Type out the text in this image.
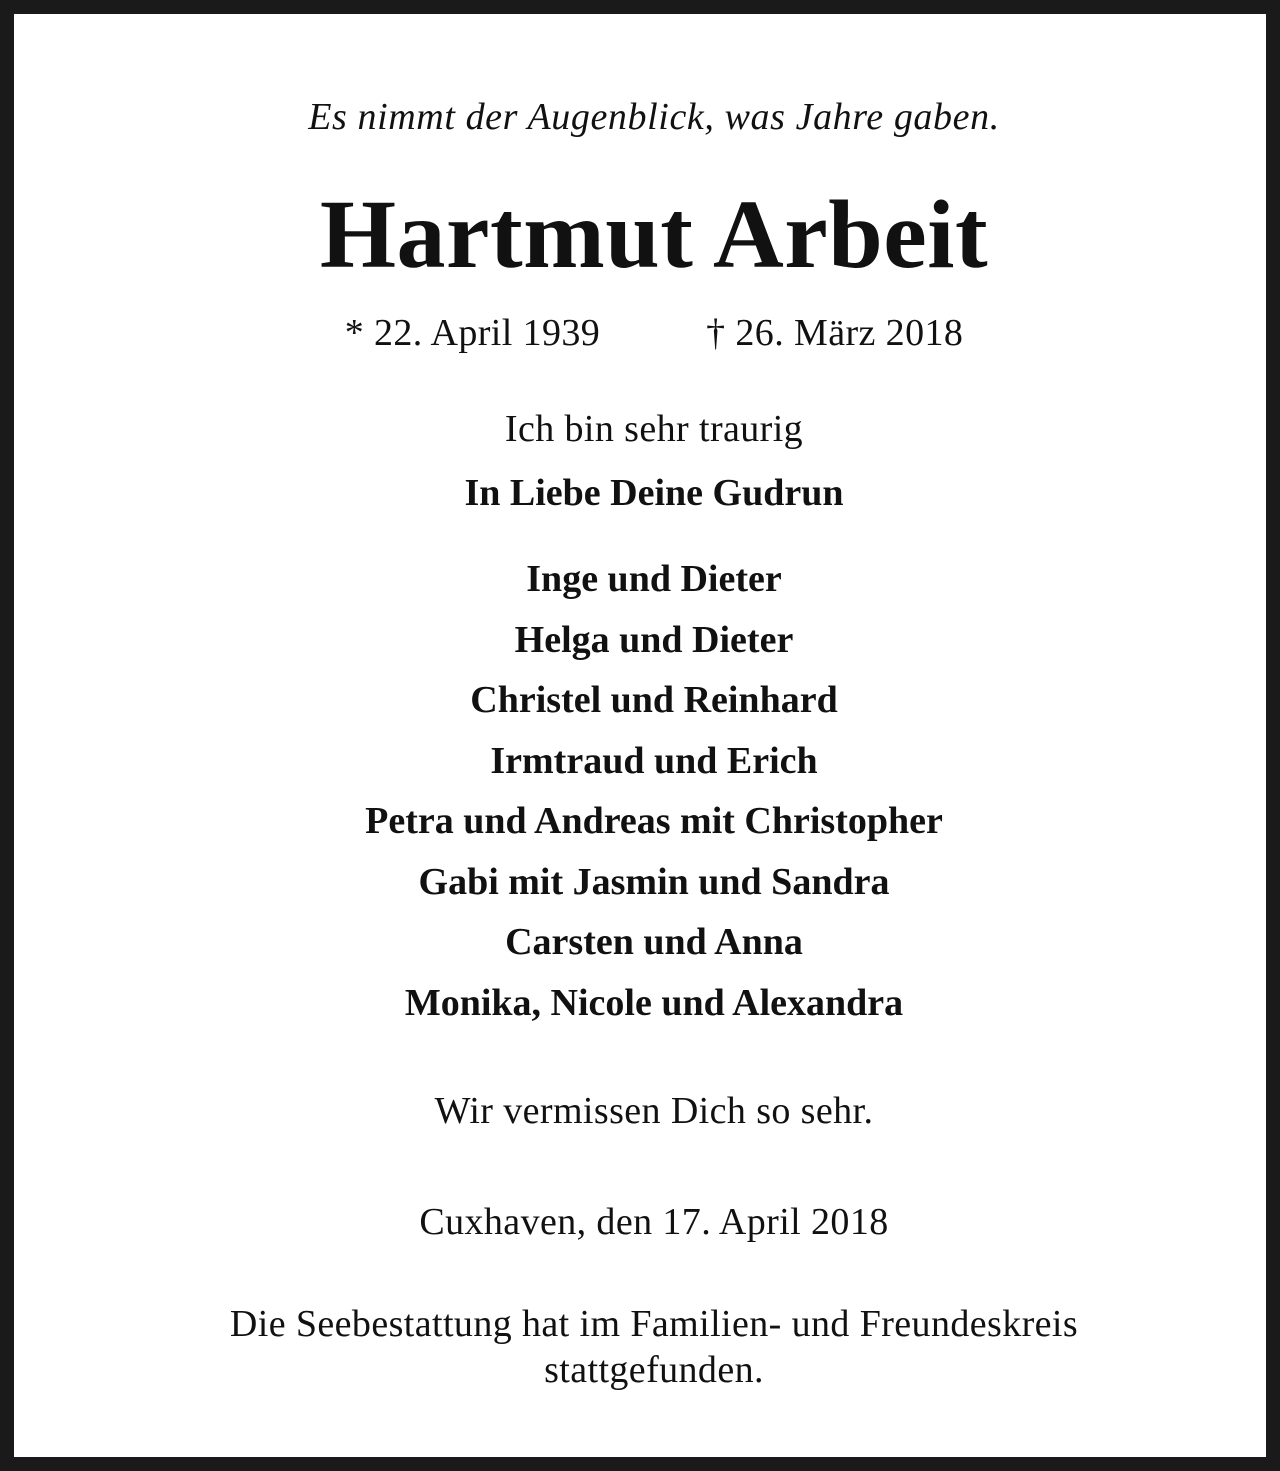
Es nimmt der Augenblick, was Jahre gaben.
Hartmut Arbeit
* 22. April 1939	† 26. März 2018
Ich bin sehr traurig
In Liebe Deine Gudrun
Inge und Dieter
Helga und Dieter
Christel und Reinhard
Irmtraud und Erich
Petra und Andreas mit Christopher
Gabi mit Jasmin und Sandra
Carsten und Anna
Monika, Nicole und Alexandra
Wir vermissen Dich so sehr.
Cuxhaven, den 17. April 2018
Die Seebestattung hat im Familien- und Freundeskreis
stattgefunden.
